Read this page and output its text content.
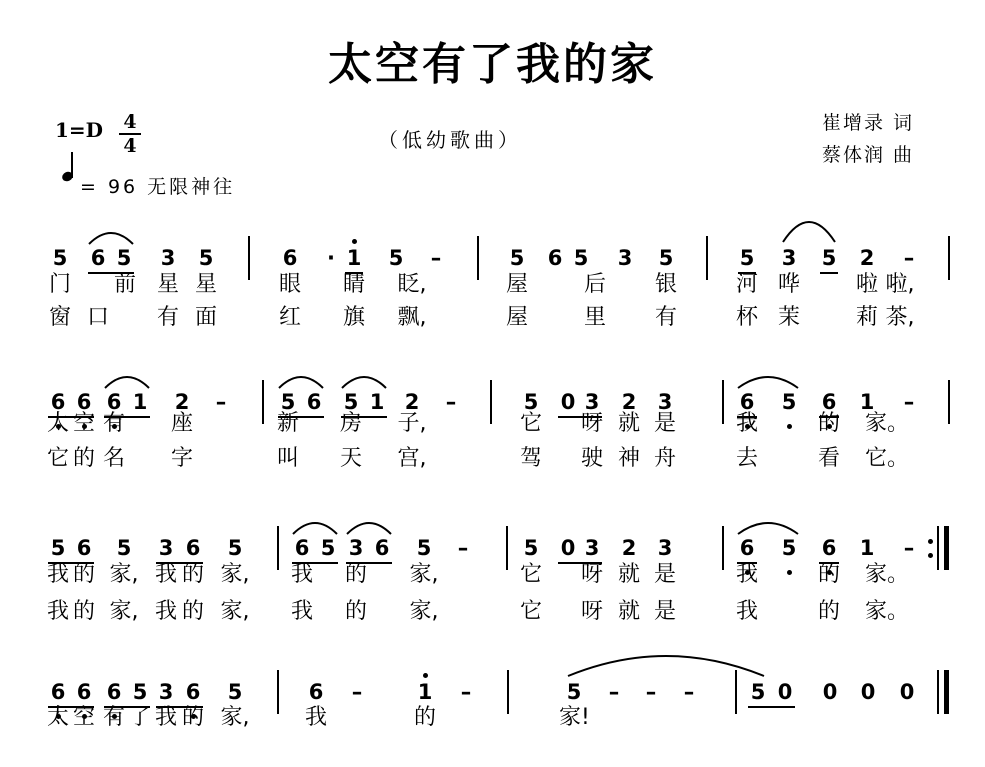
太空有了我的家
1=D 4
4	（低幼歌曲）
崔增录 词
蔡体润 曲
= 96 无限神往
5 6 5 3 5	6	· 1 5	–	5 6 5 3 5	5 3 5 2	–
门 前 星 星	眼 睛 眨,	屋	后 银	河 哗	啦 啦,
窗 口 有 面	红 旗 飘,	屋	里 有	杯 茉	莉 茶,
6 6 6 1 2	–	5 6 5 1 2	–	5 0 3 2 3	6 5 6 1	–
太 空 有 座	新 房 子,	它 呀 就 是	我	的 家。
它 的 名 字	叫 天 宫,	驾 驶 神 舟	去	看 它。
5 6 5 3 6 5 6 5 3 6 5	–	5 0 3 2 3	6 5 6 1	–
我 的 家, 我 的 家, 我 的 家,	它 呀 就 是	我	的 家。
我 的 家, 我 的 家, 我 的 家,	它 呀 就 是	我	的 家。
6 6 6 5 3 6 5	6	–	1	–	5	–	–	–	5 0 0 0 0
太 空 有 了 我 的 家,	我	的	家!
